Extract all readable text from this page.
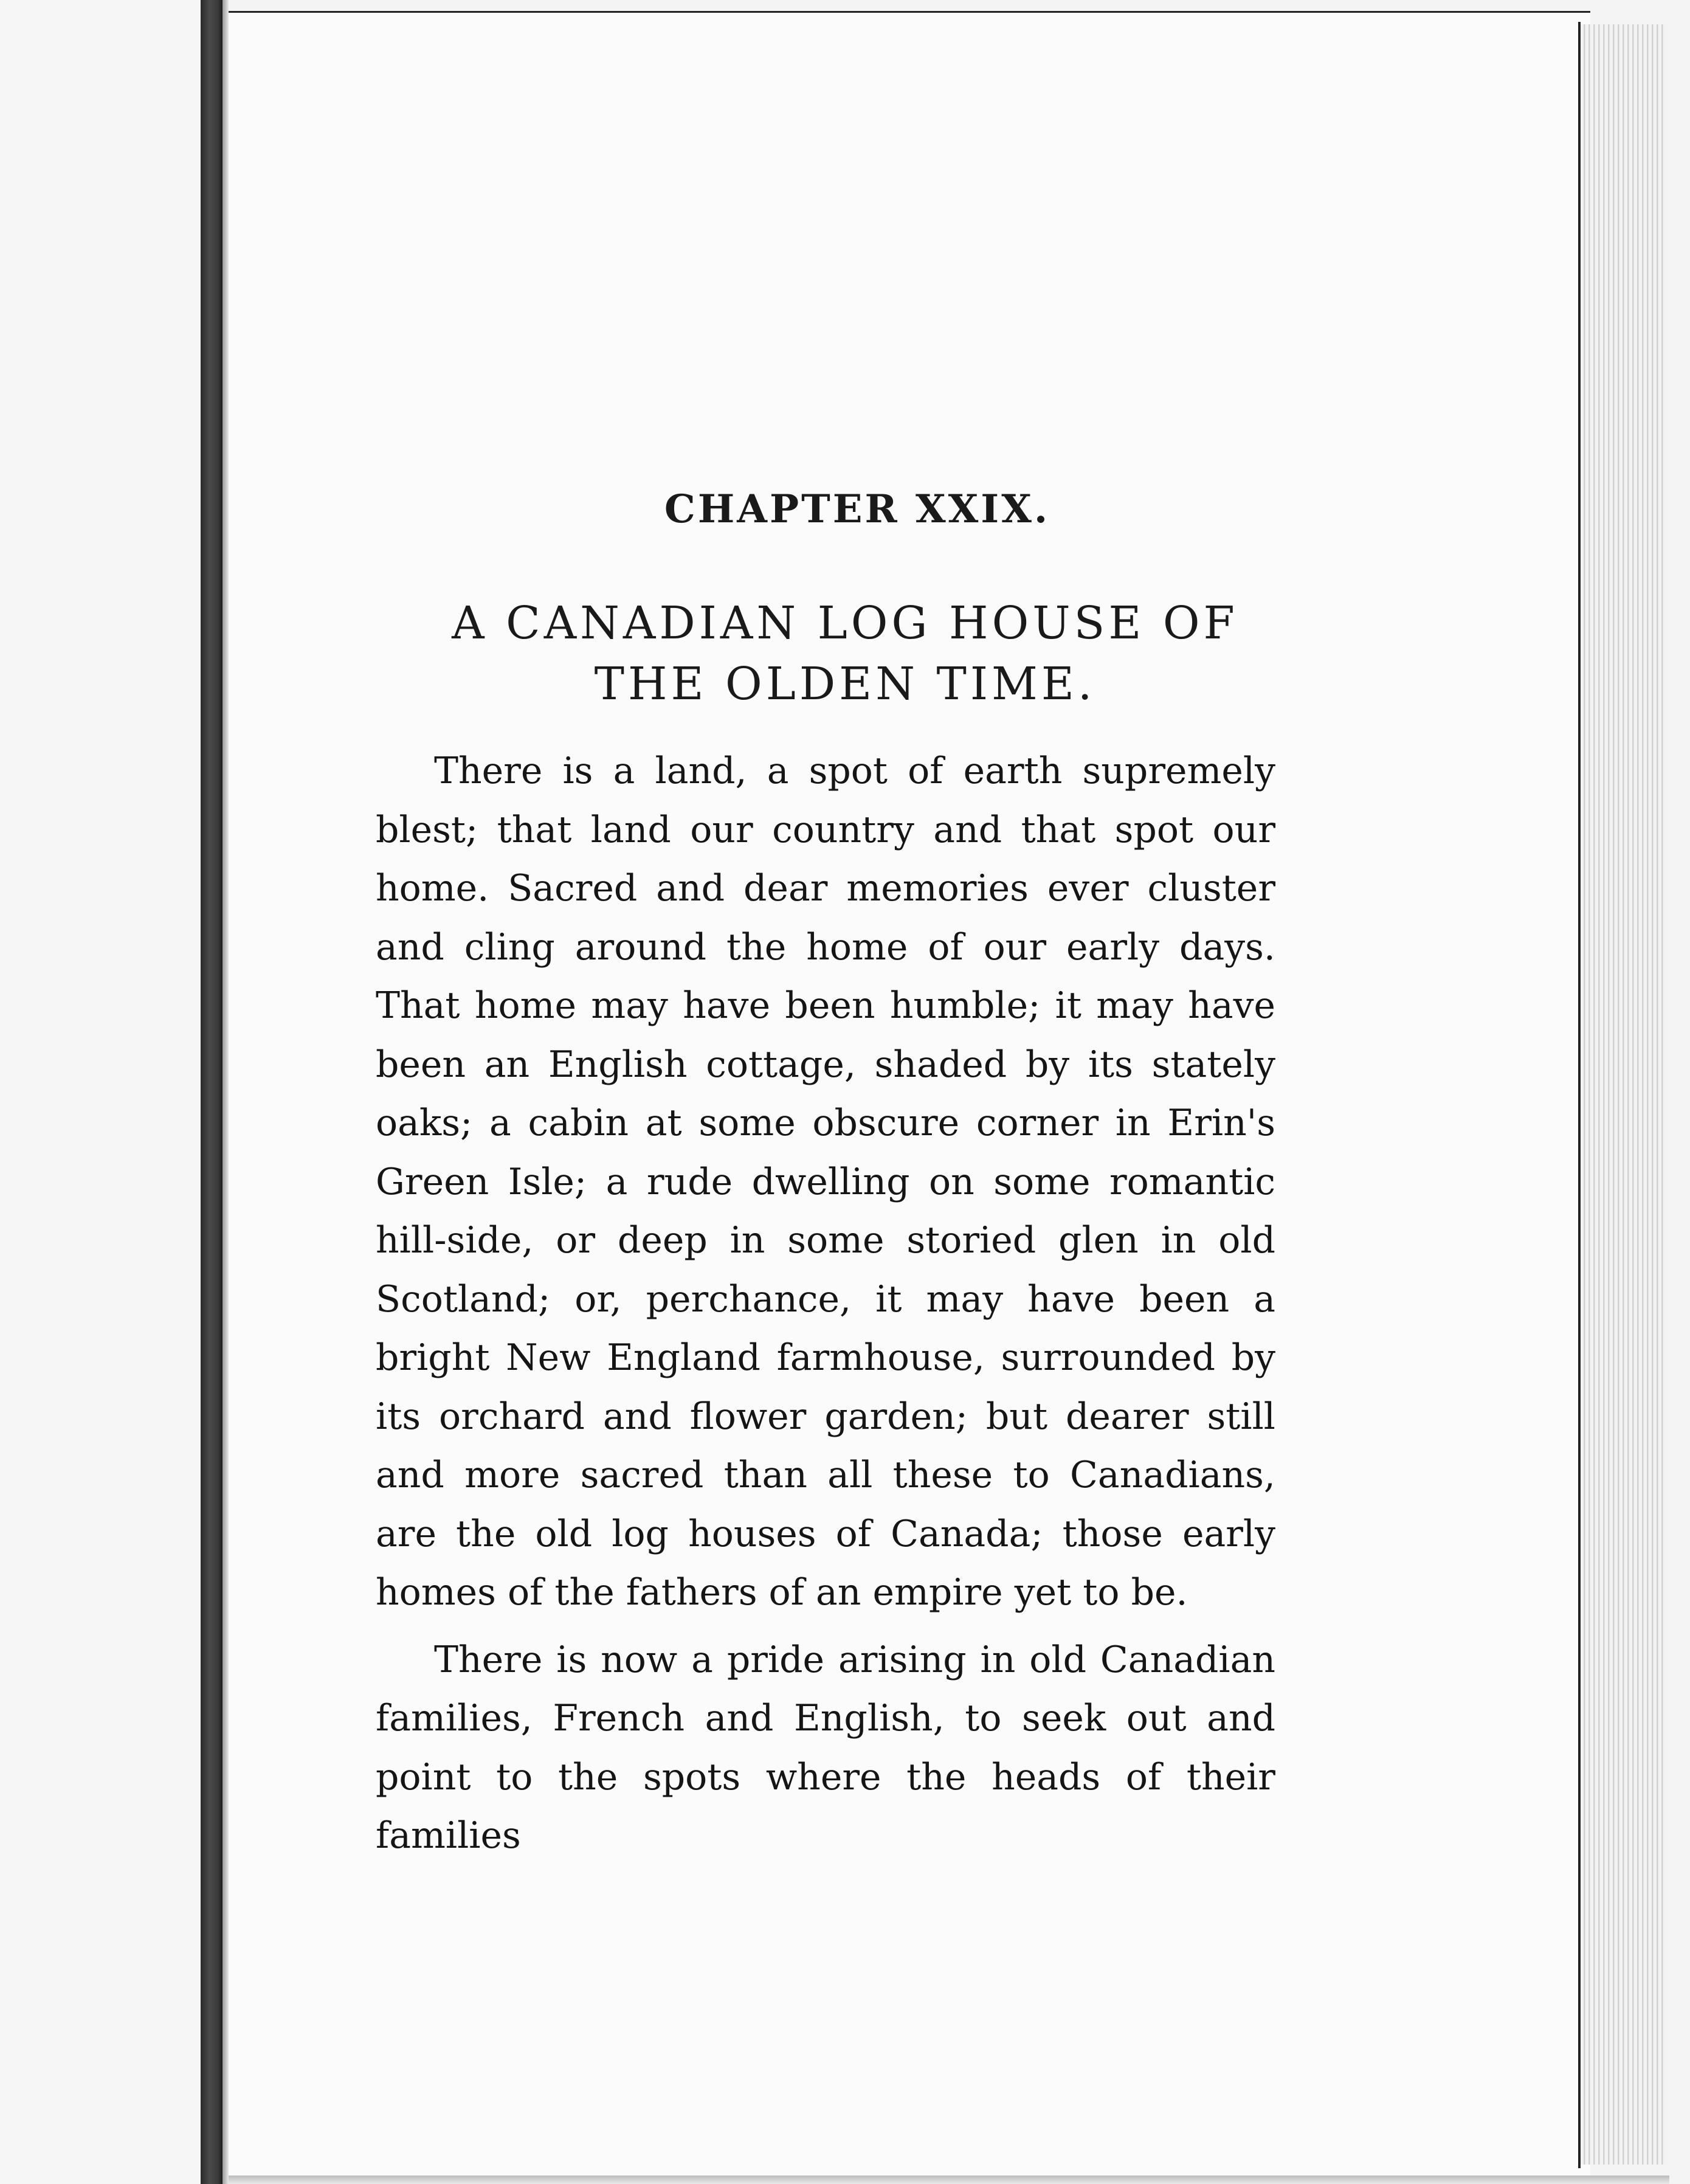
CHAPTER XXIX.
A CANADIAN LOG HOUSE OF THE OLDEN TIME.

There is a land, a spot of earth supremely blest; that land our country and that spot our home. Sacred and dear memories ever cluster and cling around the home of our early days. That home may have been humble; it may have been an English cottage, shaded by its stately oaks; a cabin at some obscure corner in Erin's Green Isle; a rude dwelling on some romantic hill-side, or deep in some storied glen in old Scotland; or, perchance, it may have been a bright New England farmhouse, surrounded by its orchard and flower garden; but dearer still and more sacred than all these to Canadians, are the old log houses of Canada; those early homes of the fathers of an empire yet to be.

There is now a pride arising in old Canadian families, French and English, to seek out and point to the spots where the heads of their families
